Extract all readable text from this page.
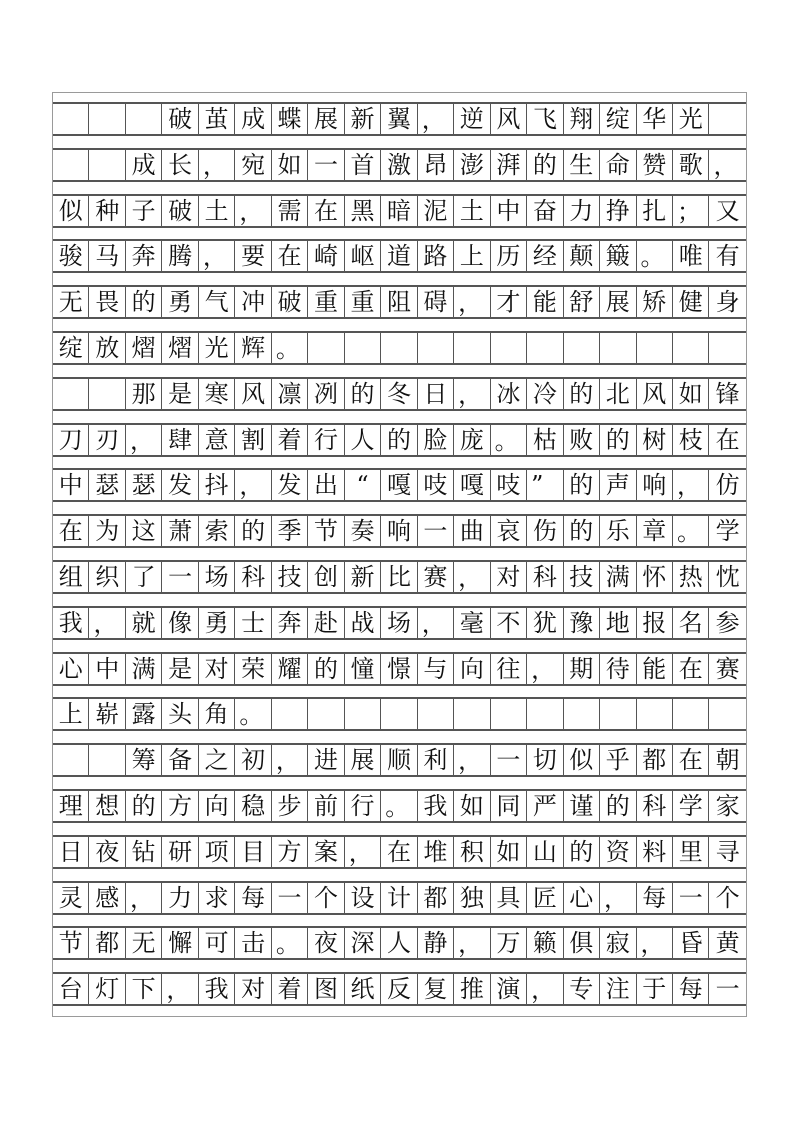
破 茧 成 蝶 展 新 翼 ， 逆 风 飞 翔 绽 华 光
成 长 ， 宛 如 一 首 激 昂 澎 湃 的 生 命 赞 歌 ，
似 种 子 破 土 ， 需 在 黑 暗 泥 土 中 奋 力 挣 扎 ； 又
骏 马 奔 腾 ， 要 在 崎 岖 道 路 上 历 经 颠 簸 。 唯 有
无 畏 的 勇 气 冲 破 重 重 阻 碍 ， 才 能 舒 展 矫 健 身
绽 放 熠 熠 光 辉 。
那 是 寒 风 凛 冽 的 冬 日 ， 冰 冷 的 北 风 如 锋
刀 刃 ， 肆 意 割 着 行 人 的 脸 庞 。 枯 败 的 树 枝 在
中 瑟 瑟 发 抖 ， 发 出 “ 嘎 吱 嘎 吱 ”	的 声 响 ， 仿
在 为 这 萧 索 的 季 节 奏 响 一 曲 哀 伤 的 乐 章 。 学
组 织 了 一 场 科 技 创 新 比 赛 ， 对 科 技 满 怀 热 忱
我 ， 就 像 勇 士 奔 赴 战 场 ， 毫 不 犹 豫 地 报 名 参
心 中 满 是 对 荣 耀 的 憧 憬 与 向 往 ， 期 待 能 在 赛
上 崭 露 头 角 。
筹 备 之 初 ， 进 展 顺 利 ， 一 切 似 乎 都 在 朝
理 想 的 方 向 稳 步 前 行 。 我 如 同 严 谨 的 科 学 家
日 夜 钻 研 项 目 方 案 ， 在 堆 积 如 山 的 资 料 里 寻
灵 感 ， 力 求 每 一 个 设 计 都 独 具 匠 心 ， 每 一 个
节 都 无 懈 可 击 。 夜 深 人 静 ， 万 籁 俱 寂 ， 昏 黄
台 灯 下 ， 我 对 着 图 纸 反 复 推 演 ， 专 注 于 每 一
